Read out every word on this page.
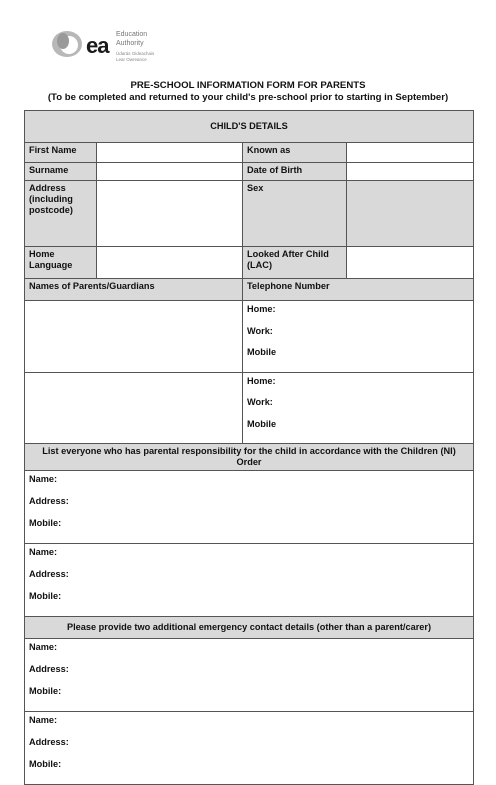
ea Education
Authority
Údarás Oideachais
Lear Owreance
PRE-SCHOOL INFORMATION FORM FOR PARENTS
(To be completed and returned to your child's pre-school prior to starting in September)
CHILD'S DETAILS			
First Name		Known as	
Surname		Date of Birth	
Address (including postcode)		Sex	
Home Language		Looked After Child (LAC)	
Names of Parents/Guardians		Telephone Number	

		Home:
Work:
Mobile	

		Home:
Work:
Mobile	

List everyone who has parental responsibility for the child in accordance with the Children (NI) Order			

Name:
Address:
Mobile:			

Name:
Address:
Mobile:			

Please provide two additional emergency contact details (other than a parent/carer)			

Name:
Address:
Mobile:			

Name:
Address:
Mobile:			
